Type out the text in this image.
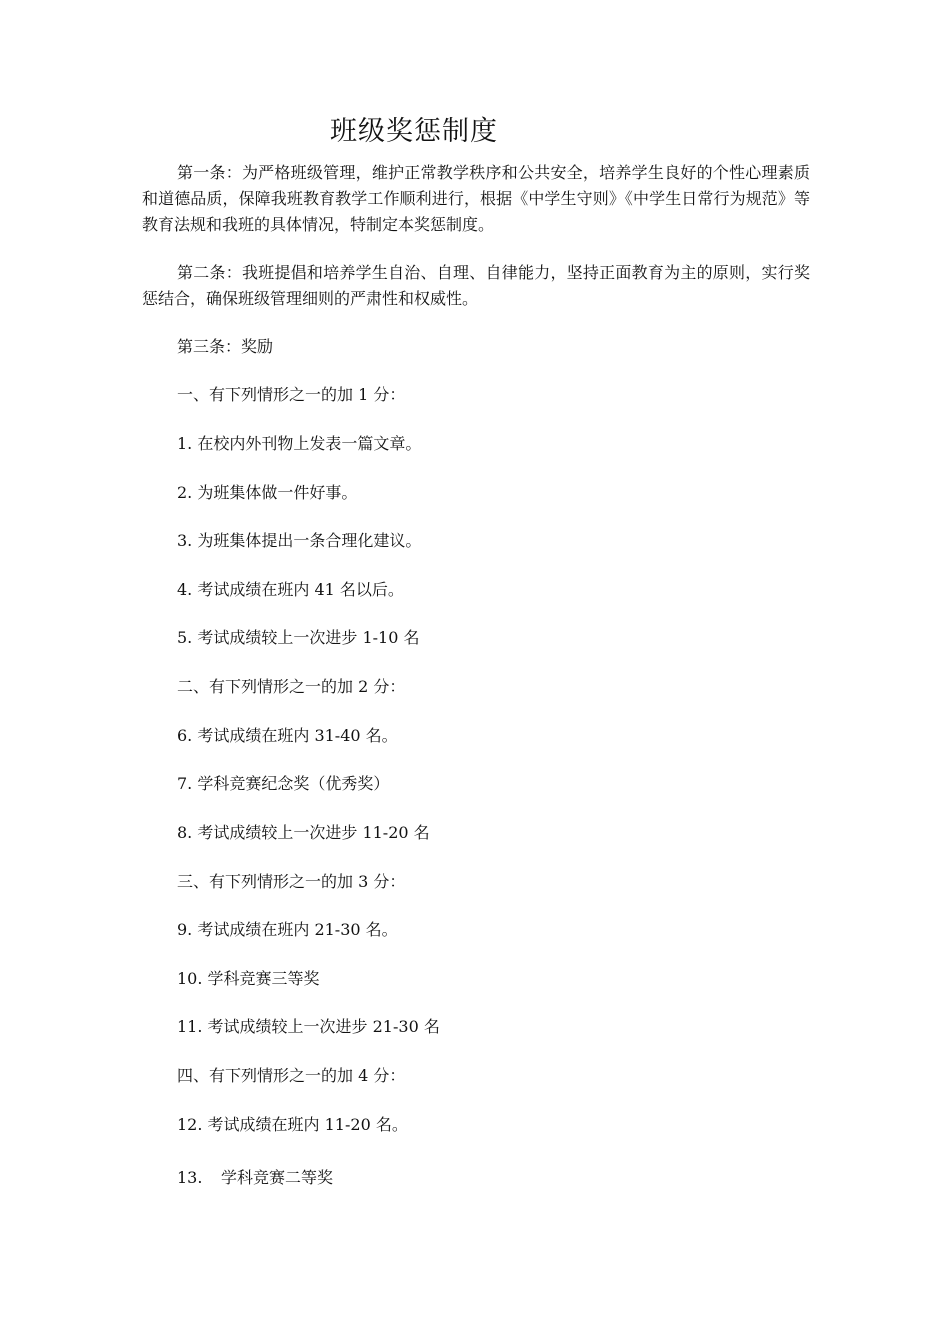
班级奖惩制度
第一条：为严格班级管理，维护正常教学秩序和公共安全，培养学生良好的个性心理素质和道德品质，保障我班教育教学工作顺利进行，根据《中学生守则》《中学生日常行为规范》等教育法规和我班的具体情况，特制定本奖惩制度。
第二条：我班提倡和培养学生自治、自理、自律能力，坚持正面教育为主的原则，实行奖惩结合，确保班级管理细则的严肃性和权威性。
第三条：奖励
一、有下列情形之一的加 1 分：
1. 在校内外刊物上发表一篇文章。
2. 为班集体做一件好事。
3. 为班集体提出一条合理化建议。
4. 考试成绩在班内 41 名以后。
5. 考试成绩较上一次进步 1-10 名
二、有下列情形之一的加 2 分：
6. 考试成绩在班内 31-40 名。
7. 学科竞赛纪念奖（优秀奖）
8. 考试成绩较上一次进步 11-20 名
三、有下列情形之一的加 3 分：
9. 考试成绩在班内 21-30 名。
10. 学科竞赛三等奖
11. 考试成绩较上一次进步 21-30 名
四、有下列情形之一的加 4 分：
12. 考试成绩在班内 11-20 名。
13. 学科竞赛二等奖
